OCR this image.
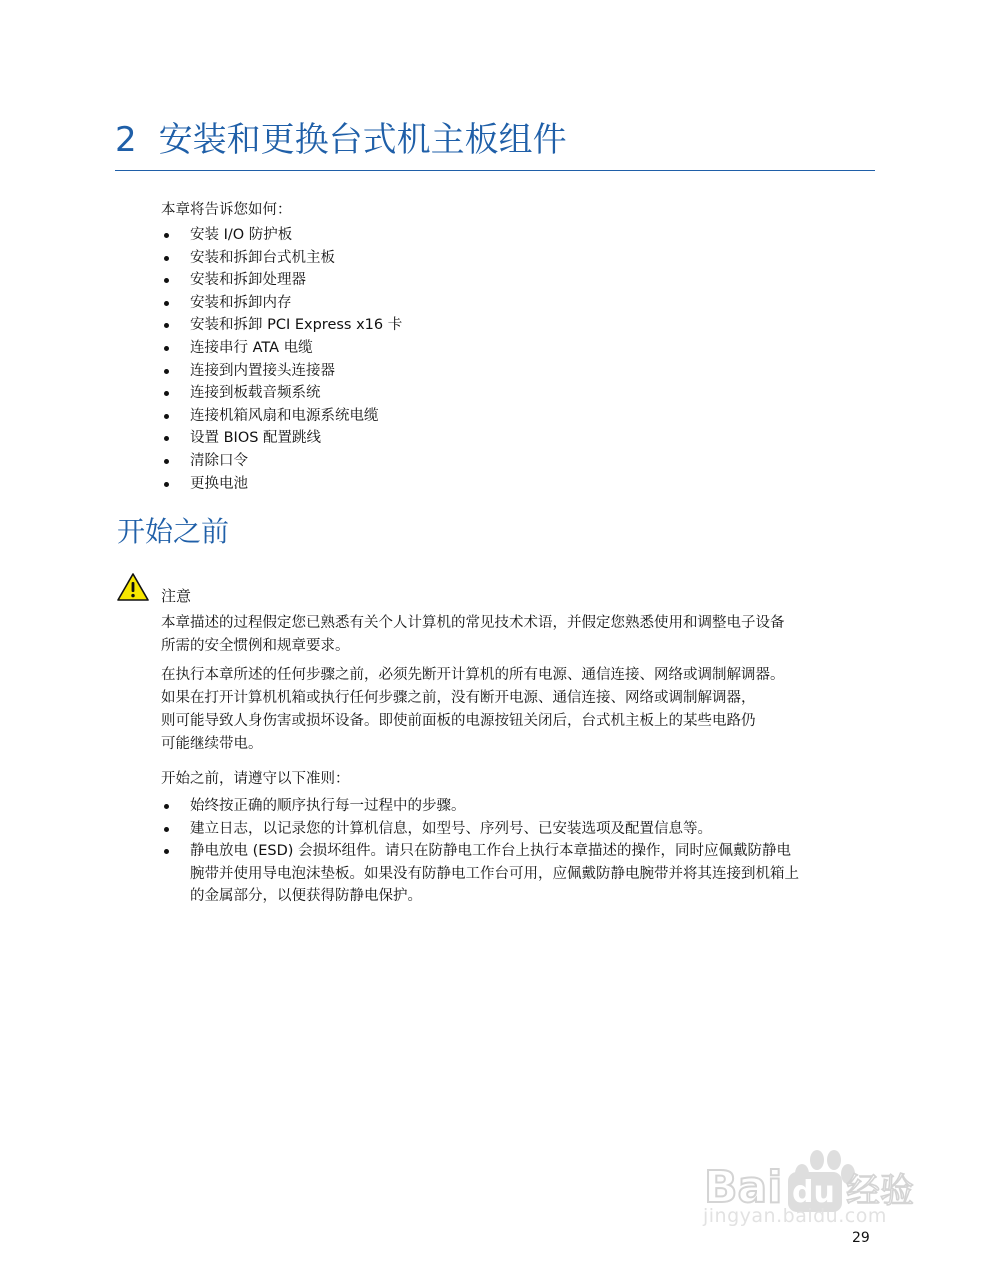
2 安装和更换台式机主板组件

本章将告诉您如何：

安装 I/O 防护板
安装和拆卸台式机主板
安装和拆卸处理器
安装和拆卸内存
安装和拆卸 PCI Express x16 卡
连接串行 ATA 电缆
连接到内置接头连接器
连接到板载音频系统
连接机箱风扇和电源系统电缆
设置 BIOS 配置跳线
清除口令
更换电池
开始之前

注意

本章描述的过程假定您已熟悉有关个人计算机的常见技术术语，并假定您熟悉使用和调整电子设备
所需的安全惯例和规章要求。

在执行本章所述的任何步骤之前，必须先断开计算机的所有电源、通信连接、网络或调制解调器。
如果在打开计算机机箱或执行任何步骤之前，没有断开电源、通信连接、网络或调制解调器，
则可能导致人身伤害或损坏设备。即使前面板的电源按钮关闭后，台式机主板上的某些电路仍
可能继续带电。

开始之前，请遵守以下准则：

始终按正确的顺序执行每一过程中的步骤。
建立日志，以记录您的计算机信息，如型号、序列号、已安装选项及配置信息等。
静电放电 (ESD) 会损坏组件。请只在防静电工作台上执行本章描述的操作，同时应佩戴防静电
腕带并使用导电泡沫垫板。如果没有防静电工作台可用，应佩戴防静电腕带并将其连接到机箱上
的金属部分，以便获得防静电保护。
Bai du 经验
jingyan.baidu.com

29
